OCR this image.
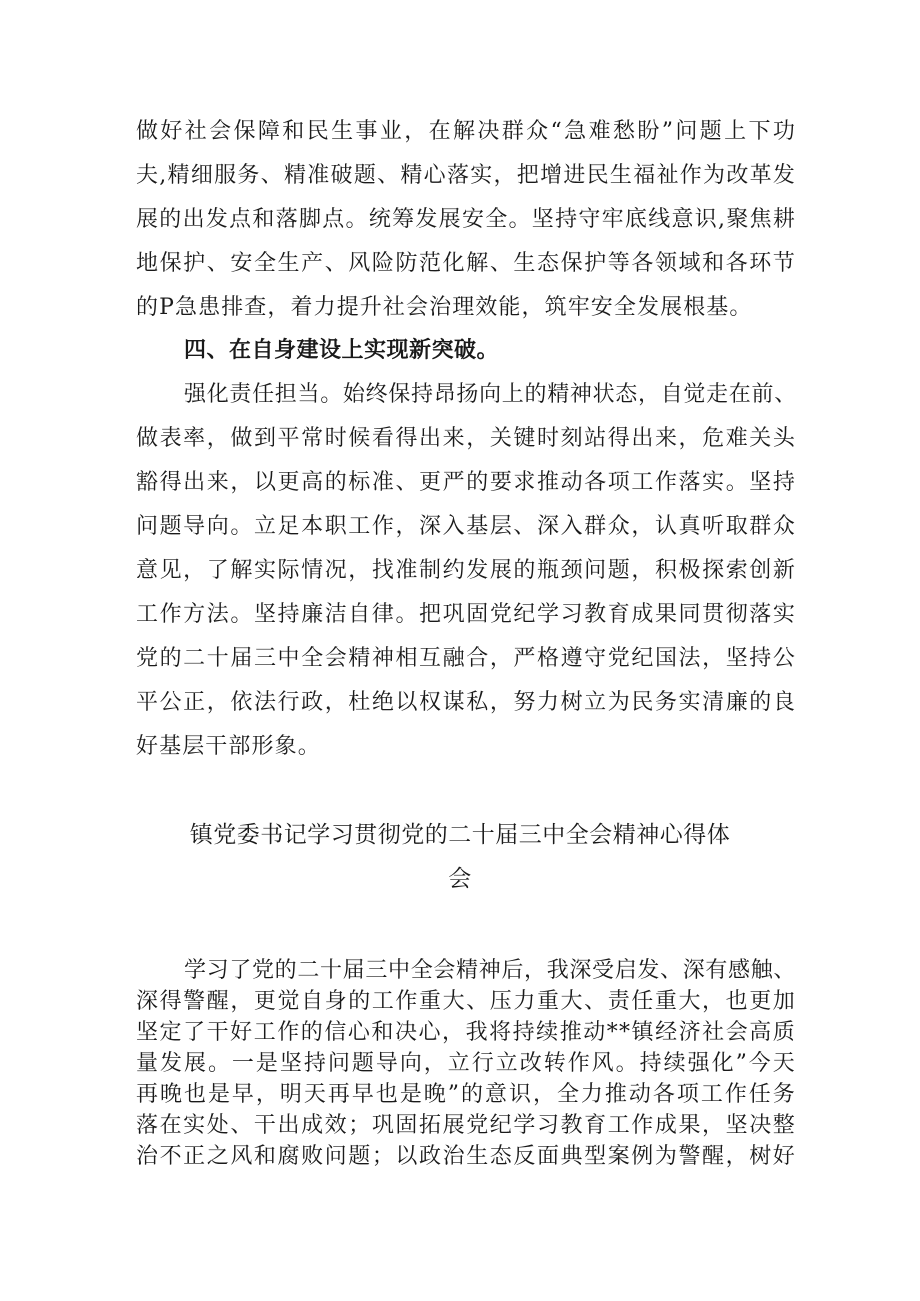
做好社会保障和民生事业，在解决群众“急难愁盼”问题上下功
夫,精细服务、精准破题、精心落实，把增进民生福祉作为改革发
展的出发点和落脚点。统筹发展安全。坚持守牢底线意识,聚焦耕
地保护、安全生产、风险防范化解、生态保护等各领域和各环节
的P急患排查，着力提升社会治理效能，筑牢安全发展根基。
四、在自身建设上实现新突破。
强化责任担当。始终保持昂扬向上的精神状态，自觉走在前、
做表率，做到平常时候看得出来，关键时刻站得出来，危难关头
豁得出来，以更高的标准、更严的要求推动各项工作落实。坚持
问题导向。立足本职工作，深入基层、深入群众，认真听取群众
意见，了解实际情况，找准制约发展的瓶颈问题，积极探索创新
工作方法。坚持廉洁自律。把巩固党纪学习教育成果同贯彻落实
党的二十届三中全会精神相互融合，严格遵守党纪国法，坚持公
平公正，依法行政，杜绝以权谋私，努力树立为民务实清廉的良
好基层干部形象。
镇党委书记学习贯彻党的二十届三中全会精神心得体
会
学习了党的二十届三中全会精神后，我深受启发、深有感触、
深得警醒，更觉自身的工作重大、压力重大、责任重大，也更加
坚定了干好工作的信心和决心，我将持续推动**镇经济社会高质
量发展。一是坚持问题导向，立行立改转作风。持续强化”今天
再晚也是早，明天再早也是晚”的意识，全力推动各项工作任务
落在实处、干出成效；巩固拓展党纪学习教育工作成果，坚决整
治不正之风和腐败问题；以政治生态反面典型案例为警醒，树好
